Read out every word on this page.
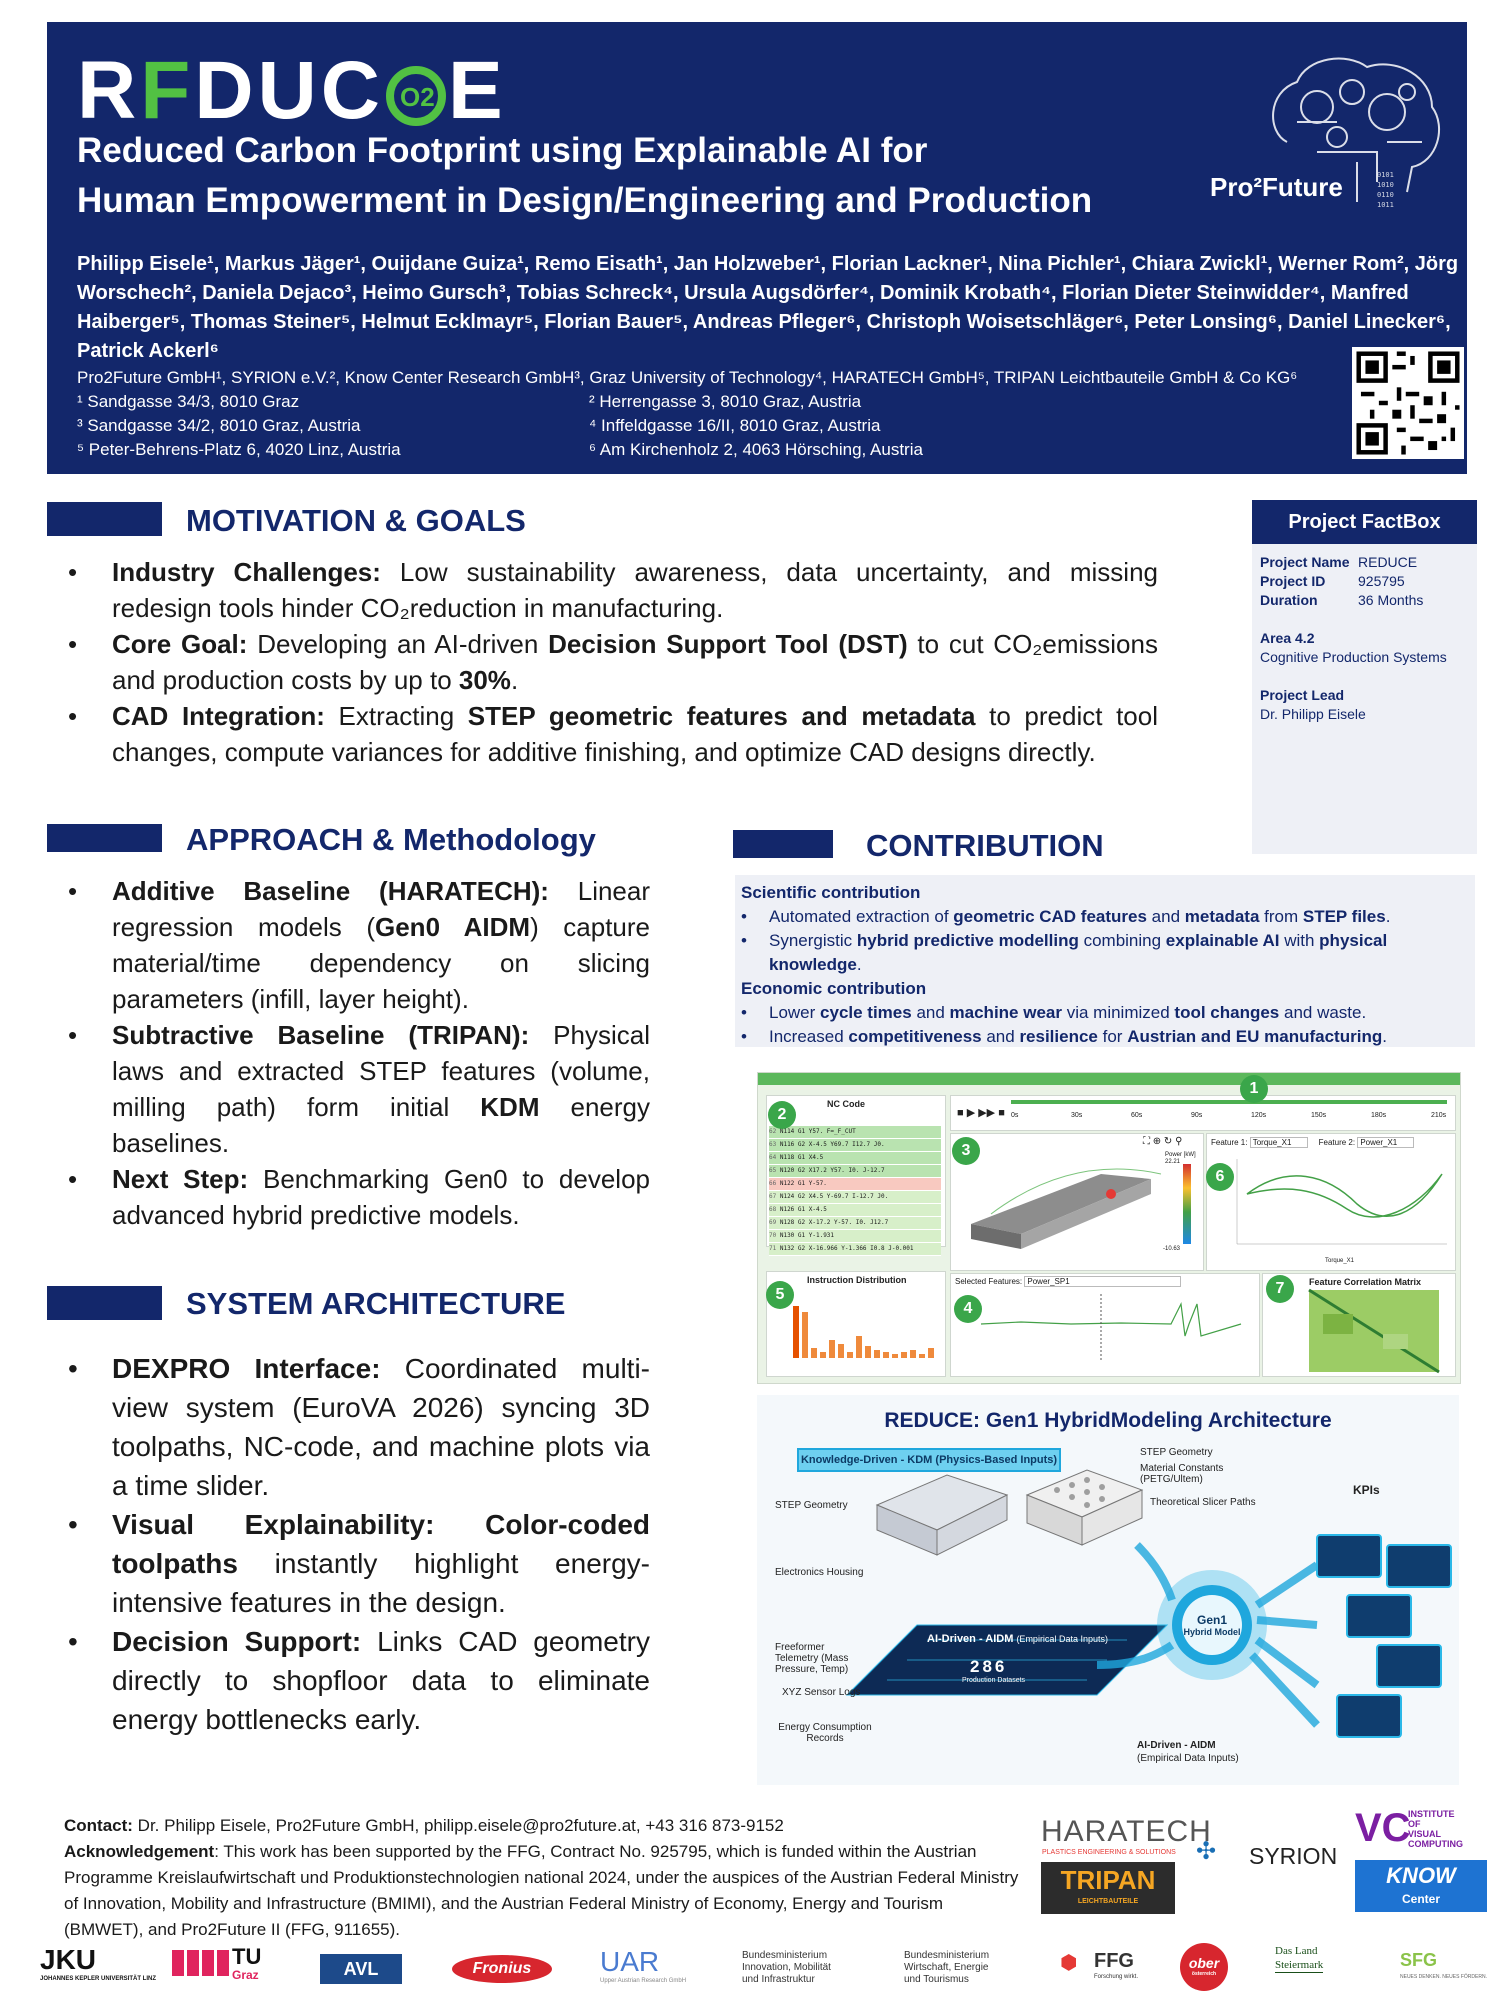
RFDUC O2 E
Reduced Carbon Footprint using Explainable AI for
Human Empowerment in Design/Engineering and Production
0101
1010
0110
1011
Pro²Future
Philipp Eisele¹, Markus Jäger¹, Ouijdane Guiza¹, Remo Eisath¹, Jan Holzweber¹, Florian Lackner¹, Nina Pichler¹, Chiara Zwickl¹, Werner Rom², Jörg Worschech², Daniela Dejaco³, Heimo Gursch³, Tobias Schreck⁴, Ursula Augsdörfer⁴, Dominik Krobath⁴, Florian Dieter Steinwidder⁴, Manfred Haiberger⁵, Thomas Steiner⁵, Helmut Ecklmayr⁵, Florian Bauer⁵, Andreas Pfleger⁶, Christoph Woisetschläger⁶, Peter Lonsing⁶, Daniel Linecker⁶, Patrick Ackerl⁶
Pro2Future GmbH¹, SYRION e.V.², Know Center Research GmbH³, Graz University of Technology⁴, HARATECH GmbH⁵, TRIPAN Leichtbauteile GmbH & Co KG⁶
¹ Sandgasse 34/3, 8010 Graz	² Herrengasse 3, 8010 Graz, Austria
³ Sandgasse 34/2, 8010 Graz, Austria	⁴ Inffeldgasse 16/II, 8010 Graz, Austria
⁵ Peter-Behrens-Platz 6, 4020 Linz, Austria	⁶ Am Kirchenholz 2, 4063 Hörsching, Austria
MOTIVATION & GOALS
• Industry Challenges: Low sustainability awareness, data uncertainty, and missing redesign tools hinder CO₂reduction in manufacturing.
• Core Goal: Developing an AI-driven Decision Support Tool (DST) to cut CO₂emissions and production costs by up to 30%.
• CAD Integration: Extracting STEP geometric features and metadata to predict tool changes, compute variances for additive finishing, and optimize CAD designs directly.
Project FactBox
Project Name REDUCE
Project ID	925795
Duration	36 Months
Area 4.2
Cognitive Production Systems
Project Lead
Dr. Philipp Eisele
APPROACH & Methodology
• Additive Baseline (HARATECH): Linear regression models (Gen0 AIDM) capture material/time dependency on slicing parameters (infill, layer height).
• Subtractive Baseline (TRIPAN): Physical laws and extracted STEP features (volume, milling path) form initial KDM energy baselines.
• Next Step: Benchmarking Gen0 to develop advanced hybrid predictive models.
CONTRIBUTION
Scientific contribution
• Automated extraction of geometric CAD features and metadata from STEP files.
• Synergistic hybrid predictive modelling combining explainable AI with physical knowledge.
Economic contribution
• Lower cycle times and machine wear via minimized tool changes and waste.
• Increased competitiveness and resilience for Austrian and EU manufacturing.
NC Code
62 N114 G1 Y57. F=_F_CUT
63 N116 G2 X-4.5 Y69.7 I12.7 J0.
64 N118 G1 X4.5
65 N120 G2 X17.2 Y57. I0. J-12.7
66 N122 G1 Y-57.
67 N124 G2 X4.5 Y-69.7 I-12.7 J0.
68 N126 G1 X-4.5
69 N128 G2 X-17.2 Y-57. I0. J12.7
70 N130 G1 Y-1.931
71 N132 G2 X-16.966 Y-1.366 I0.8 J-0.001
2	■ ▶ ▶▶ ■ 0s	30s	60s	90s	120s	150s	180s	210s
1
Power [kW]
22.21
-10.63
⛶ ⊕ ↻ ⚲
3	Feature 1: Torque_X1	Feature 2: Power_X1
Torque_X1
6
Instruction Distribution
5
Selected Features: Power_SP1
4
Feature Correlation Matrix
7
SYSTEM ARCHITECTURE
• DEXPRO Interface: Coordinated multi-view system (EuroVA 2026) syncing 3D toolpaths, NC-code, and machine plots via a time slider.
• Visual Explainability: Color-coded toolpaths instantly highlight energy-intensive features in the design.
• Decision Support: Links CAD geometry directly to shopfloor data to eliminate energy bottlenecks early.
REDUCE: Gen1 HybridModeling Architecture
Knowledge-Driven - KDM (Physics-Based Inputs)
STEP Geometry
Electronics Housing
STEP Geometry
Material Constants (PETG/Ultem)
Theoretical Slicer Paths
KPIs
Gen1
Hybrid Model
AI-Driven - AIDM (Empirical Data Inputs)
286
Production Datasets
Freeformer Telemetry (Mass Pressure, Temp)
XYZ Sensor Logs
Energy Consumption Records
AI-Driven - AIDM
(Empirical Data Inputs)
Contact: Dr. Philipp Eisele, Pro2Future GmbH, philipp.eisele@pro2future.at, +43 316 873-9152
Acknowledgement: This work has been supported by the FFG, Contract No. 925795, which is funded within the Austrian Programme Kreislaufwirtschaft und Produktionstechnologien national 2024, under the auspices of the Austrian Federal Ministry of Innovation, Mobility and Infrastructure (BMIMI), and the Austrian Federal Ministry of Economy, Energy and Tourism (BMWET), and Pro2Future II (FFG, 911655).
HARATECH
PLASTICS ENGINEERING & SOLUTIONS
TRIPAN
LEICHTBAUTEILE
✣ SYRION
VC
INSTITUTE
OF
VISUAL
COMPUTING
KNOW
Center
JKU
JOHANNES KEPLER UNIVERSITÄT LINZ
TU
Graz	AVL	Fronius	UAR
Upper Austrian Research GmbH
Bundesministerium
Innovation, Mobilität
und Infrastruktur
Bundesministerium
Wirtschaft, Energie
und Tourismus
⬢ FFG
Forschung wirkt.
ober
österreich
Das Land
Steiermark	SFG
NEUES DENKEN. NEUES FÖRDERN.
